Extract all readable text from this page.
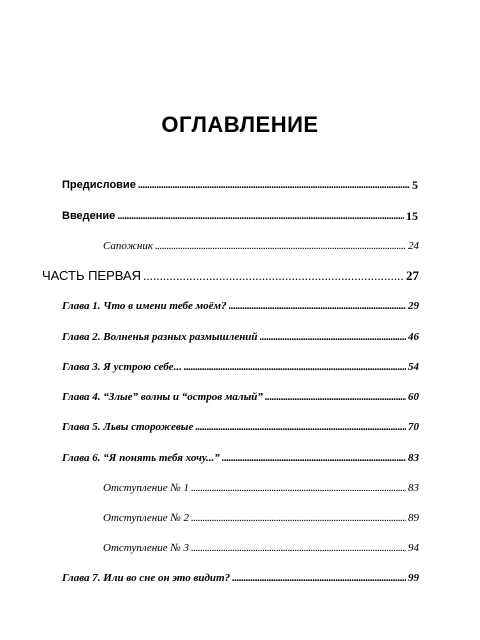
ОГЛАВЛЕНИЕ
Предисловие . . .	5
Введение . . .	15
Сапожник . . .	24
ЧАСТЬ ПЕРВАЯ . . .	27
Глава 1. Что в имени тебе моём? . . .	29
Глава 2. Волненья разных размышлений . . .	46
Глава 3. Я устрою себе... . . .	54
Глава 4. “Злые” волны и “остров малый” . . .	60
Глава 5. Львы сторожевые . . .	70
Глава 6. “Я понять тебя хочу...” . . .	83
Отступление № 1 . . .	83
Отступление № 2 . . .	89
Отступление № 3 . . .	94
Глава 7. Или во сне он это видит? . . .	99
